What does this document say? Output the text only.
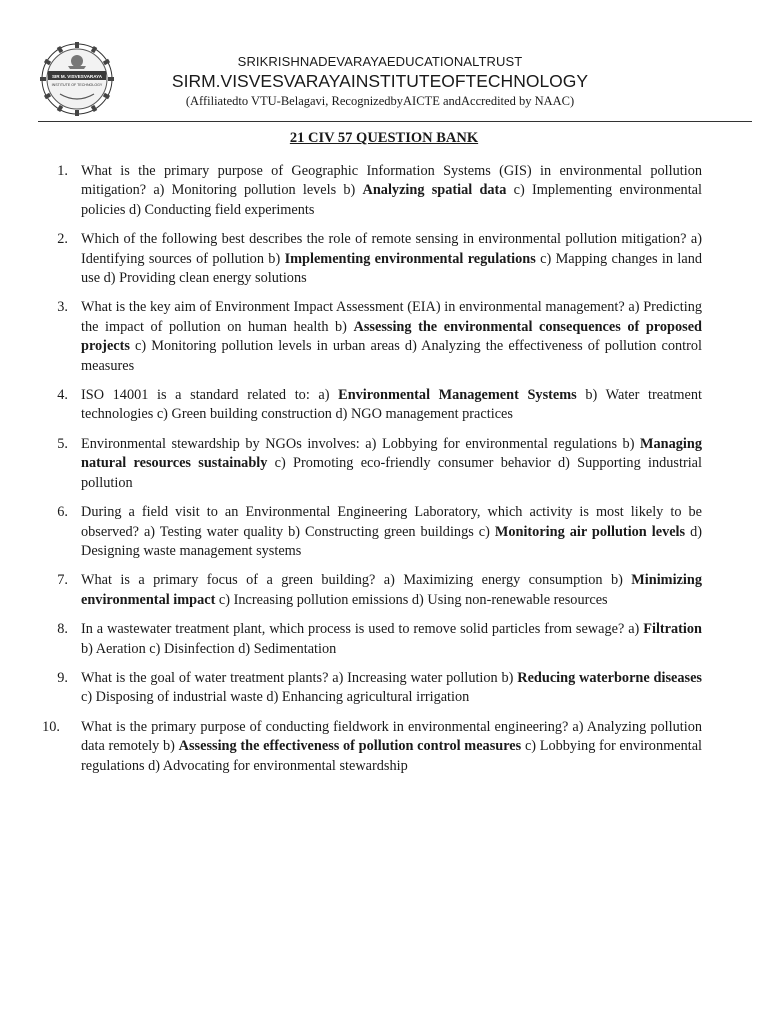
SIR M. VISVESVARAYA
INSTITUTE OF TECHNOLOGY
SRIKRISHNADEVARAYAEDUCATIONALTRUST
SIRM.VISVESVARAYAINSTITUTEOFTECHNOLOGY
(Affiliatedto VTU-Belagavi, RecognizedbyAICTE andAccredited by NAAC)
21 CIV 57 QUESTION BANK
1. What is the primary purpose of Geographic Information Systems (GIS) in environmental pollution mitigation? a) Monitoring pollution levels b) Analyzing spatial data c) Implementing environmental policies d) Conducting field experiments
2. Which of the following best describes the role of remote sensing in environmental pollution mitigation? a) Identifying sources of pollution b) Implementing environmental regulations c) Mapping changes in land use d) Providing clean energy solutions
3. What is the key aim of Environment Impact Assessment (EIA) in environmental management? a) Predicting the impact of pollution on human health b) Assessing the environmental consequences of proposed projects c) Monitoring pollution levels in urban areas d) Analyzing the effectiveness of pollution control measures
4. ISO 14001 is a standard related to: a) Environmental Management Systems b) Water treatment technologies c) Green building construction d) NGO management practices
5. Environmental stewardship by NGOs involves: a) Lobbying for environmental regulations b) Managing natural resources sustainably c) Promoting eco-friendly consumer behavior d) Supporting industrial pollution
6. During a field visit to an Environmental Engineering Laboratory, which activity is most likely to be observed? a) Testing water quality b) Constructing green buildings c) Monitoring air pollution levels d) Designing waste management systems
7. What is a primary focus of a green building? a) Maximizing energy consumption b) Minimizing environmental impact c) Increasing pollution emissions d) Using non-renewable resources
8. In a wastewater treatment plant, which process is used to remove solid particles from sewage? a) Filtration b) Aeration c) Disinfection d) Sedimentation
9. What is the goal of water treatment plants? a) Increasing water pollution b) Reducing waterborne diseases c) Disposing of industrial waste d) Enhancing agricultural irrigation
10.	What is the primary purpose of conducting fieldwork in environmental engineering? a) Analyzing pollution data remotely b) Assessing the effectiveness of pollution control measures c) Lobbying for environmental regulations d) Advocating for environmental stewardship
